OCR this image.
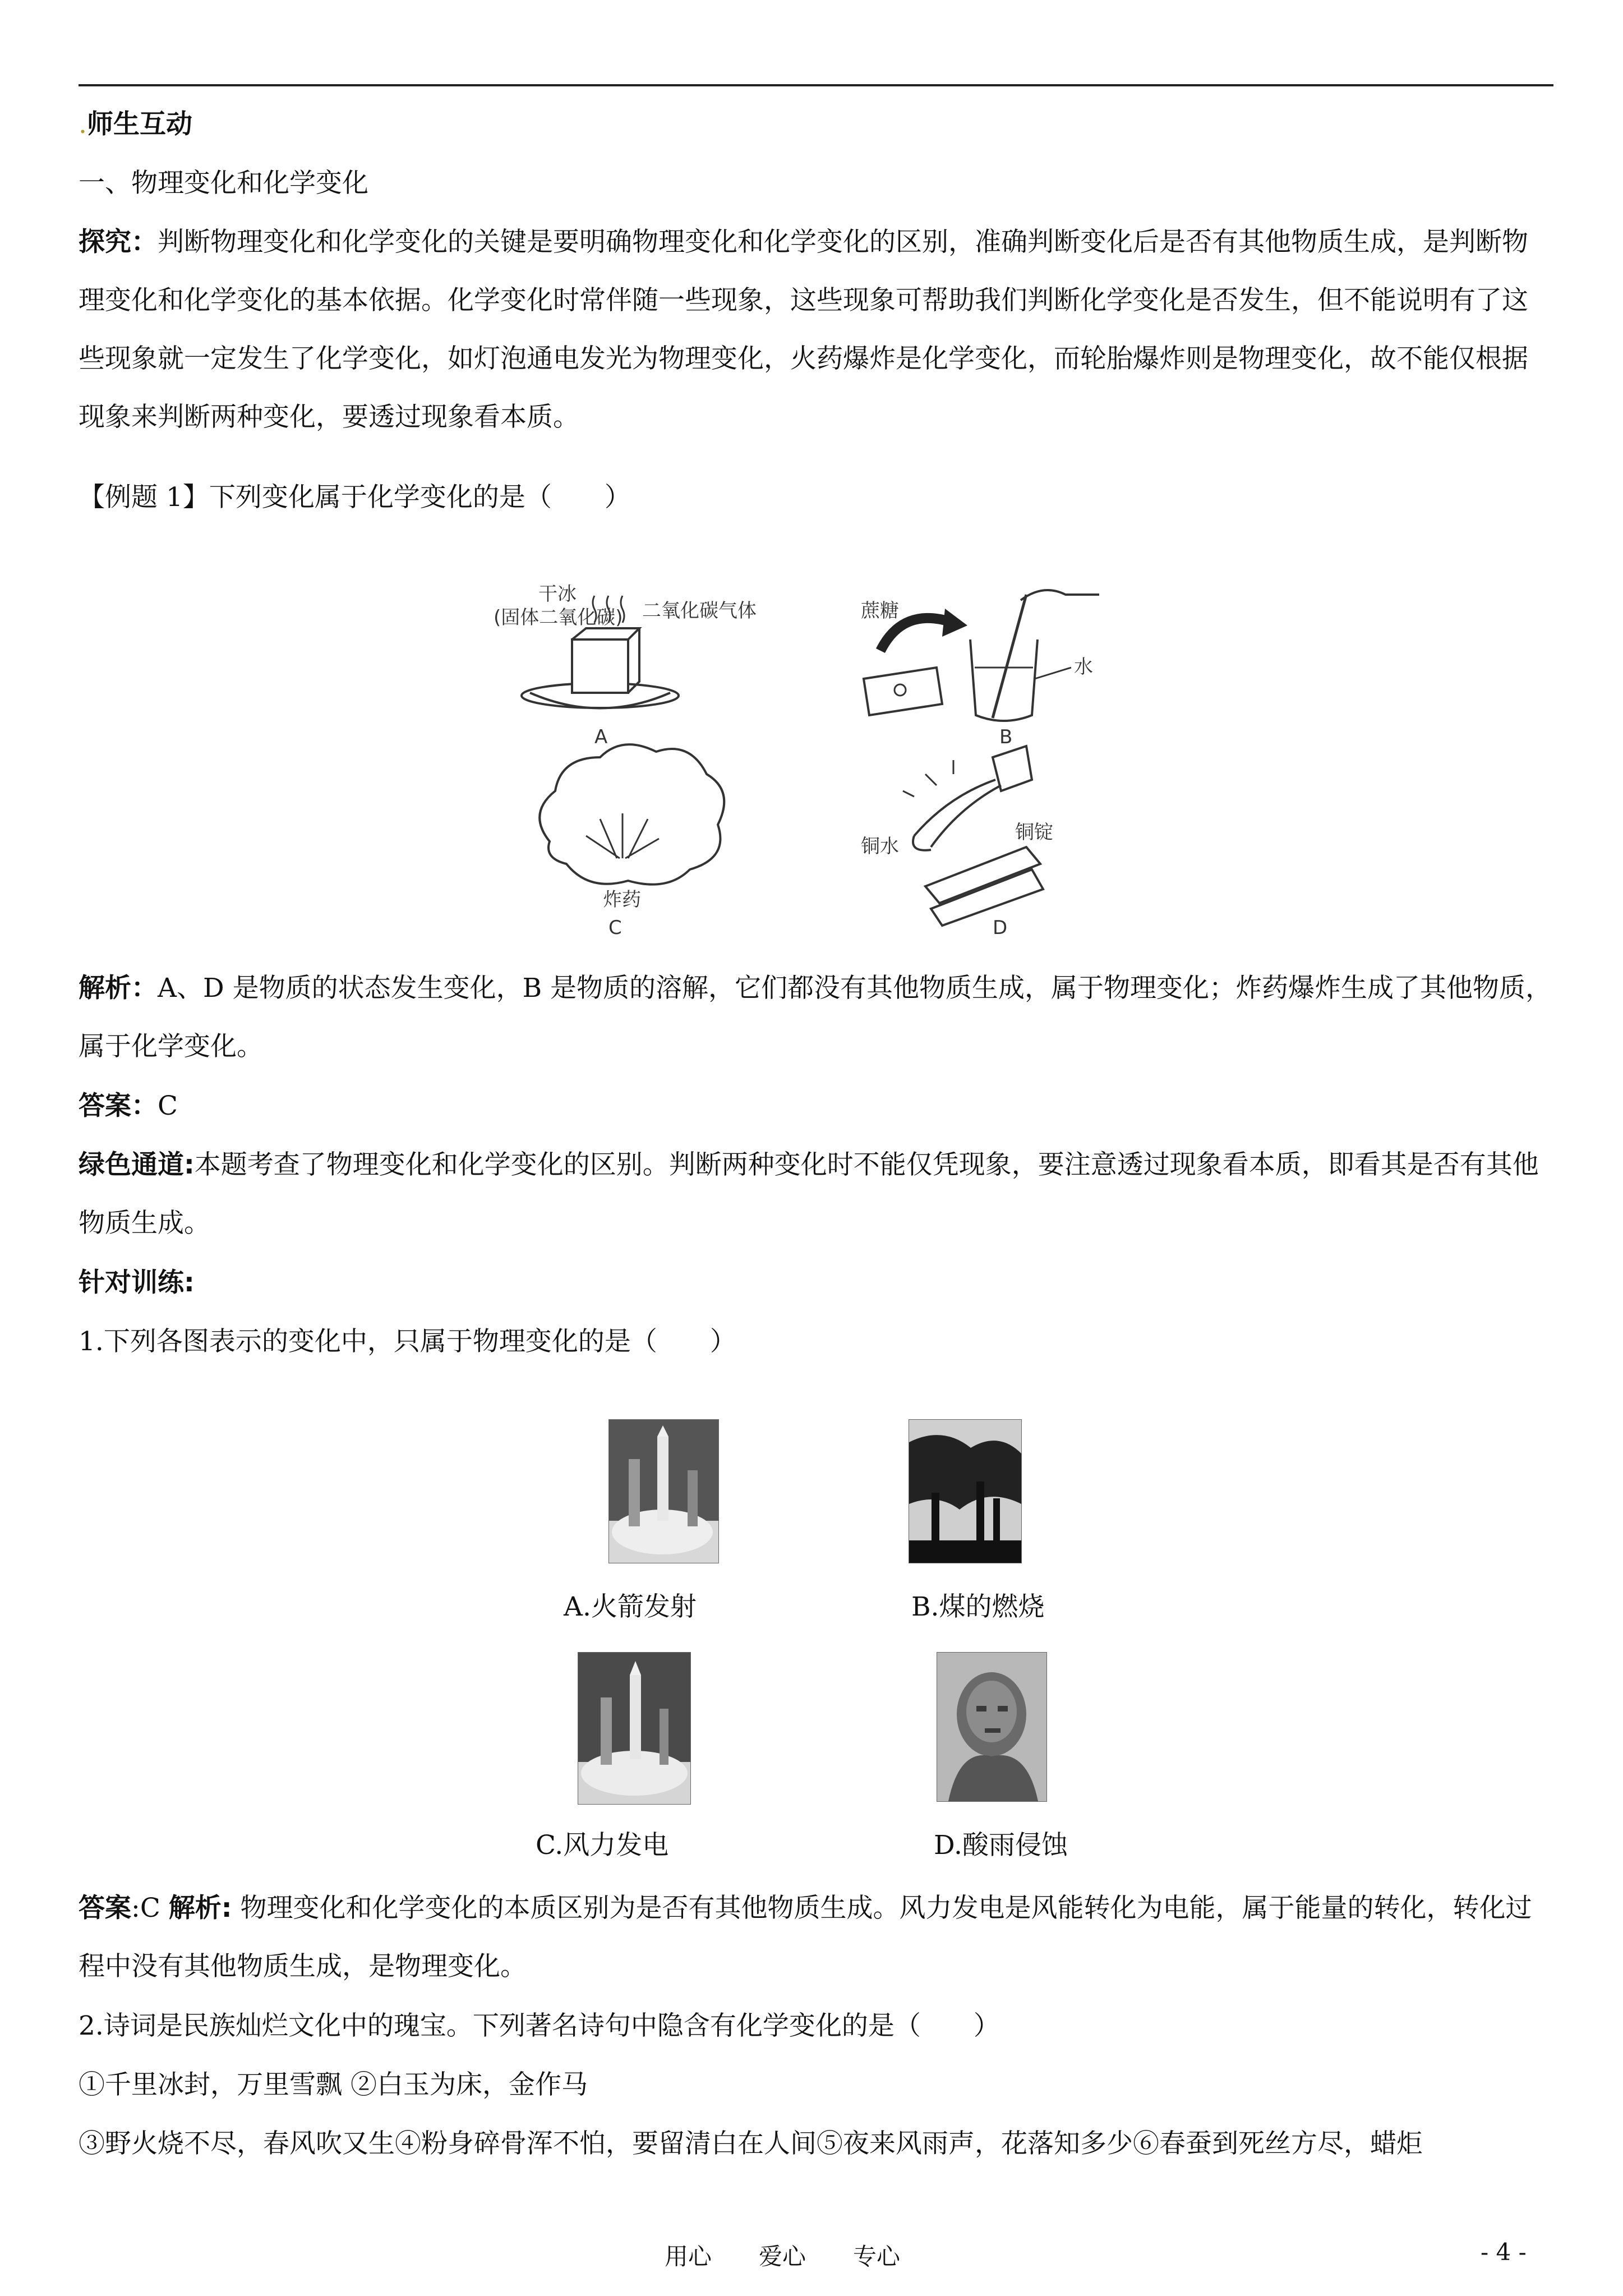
.师生互动

一、物理变化和化学变化

探究：判断物理变化和化学变化的关键是要明确物理变化和化学变化的区别，准确判断变化后是否有其他物质生成，是判断物理变化和化学变化的基本依据。化学变化时常伴随一些现象，这些现象可帮助我们判断化学变化是否发生，但不能说明有了这些现象就一定发生了化学变化，如灯泡通电发光为物理变化，火药爆炸是化学变化，而轮胎爆炸则是物理变化，故不能仅根据现象来判断两种变化，要透过现象看本质。

【例题 1】下列变化属于化学变化的是（　　）

干冰
(固体二氧化碳) 二氧化碳气体
A
蔗糖
水
B
炸药
C
铜水
铜锭
D

解析：A、D 是物质的状态发生变化，B 是物质的溶解，它们都没有其他物质生成，属于物理变化；炸药爆炸生成了其他物质，属于化学变化。

答案：C

绿色通道:本题考查了物理变化和化学变化的区别。判断两种变化时不能仅凭现象，要注意透过现象看本质，即看其是否有其他物质生成。

针对训练:

1.下列各图表示的变化中，只属于物理变化的是（　　）

A.火箭发射	B.煤的燃烧
C.风力发电	D.酸雨侵蚀

答案:C 解析: 物理变化和化学变化的本质区别为是否有其他物质生成。风力发电是风能转化为电能，属于能量的转化，转化过程中没有其他物质生成，是物理变化。

2.诗词是民族灿烂文化中的瑰宝。下列著名诗句中隐含有化学变化的是（　　）

①千里冰封，万里雪飘 ②白玉为床，金作马

③野火烧不尽，春风吹又生④粉身碎骨浑不怕，要留清白在人间⑤夜来风雨声，花落知多少⑥春蚕到死丝方尽，蜡炬

用心　　爱心　　专心	- 4 -
